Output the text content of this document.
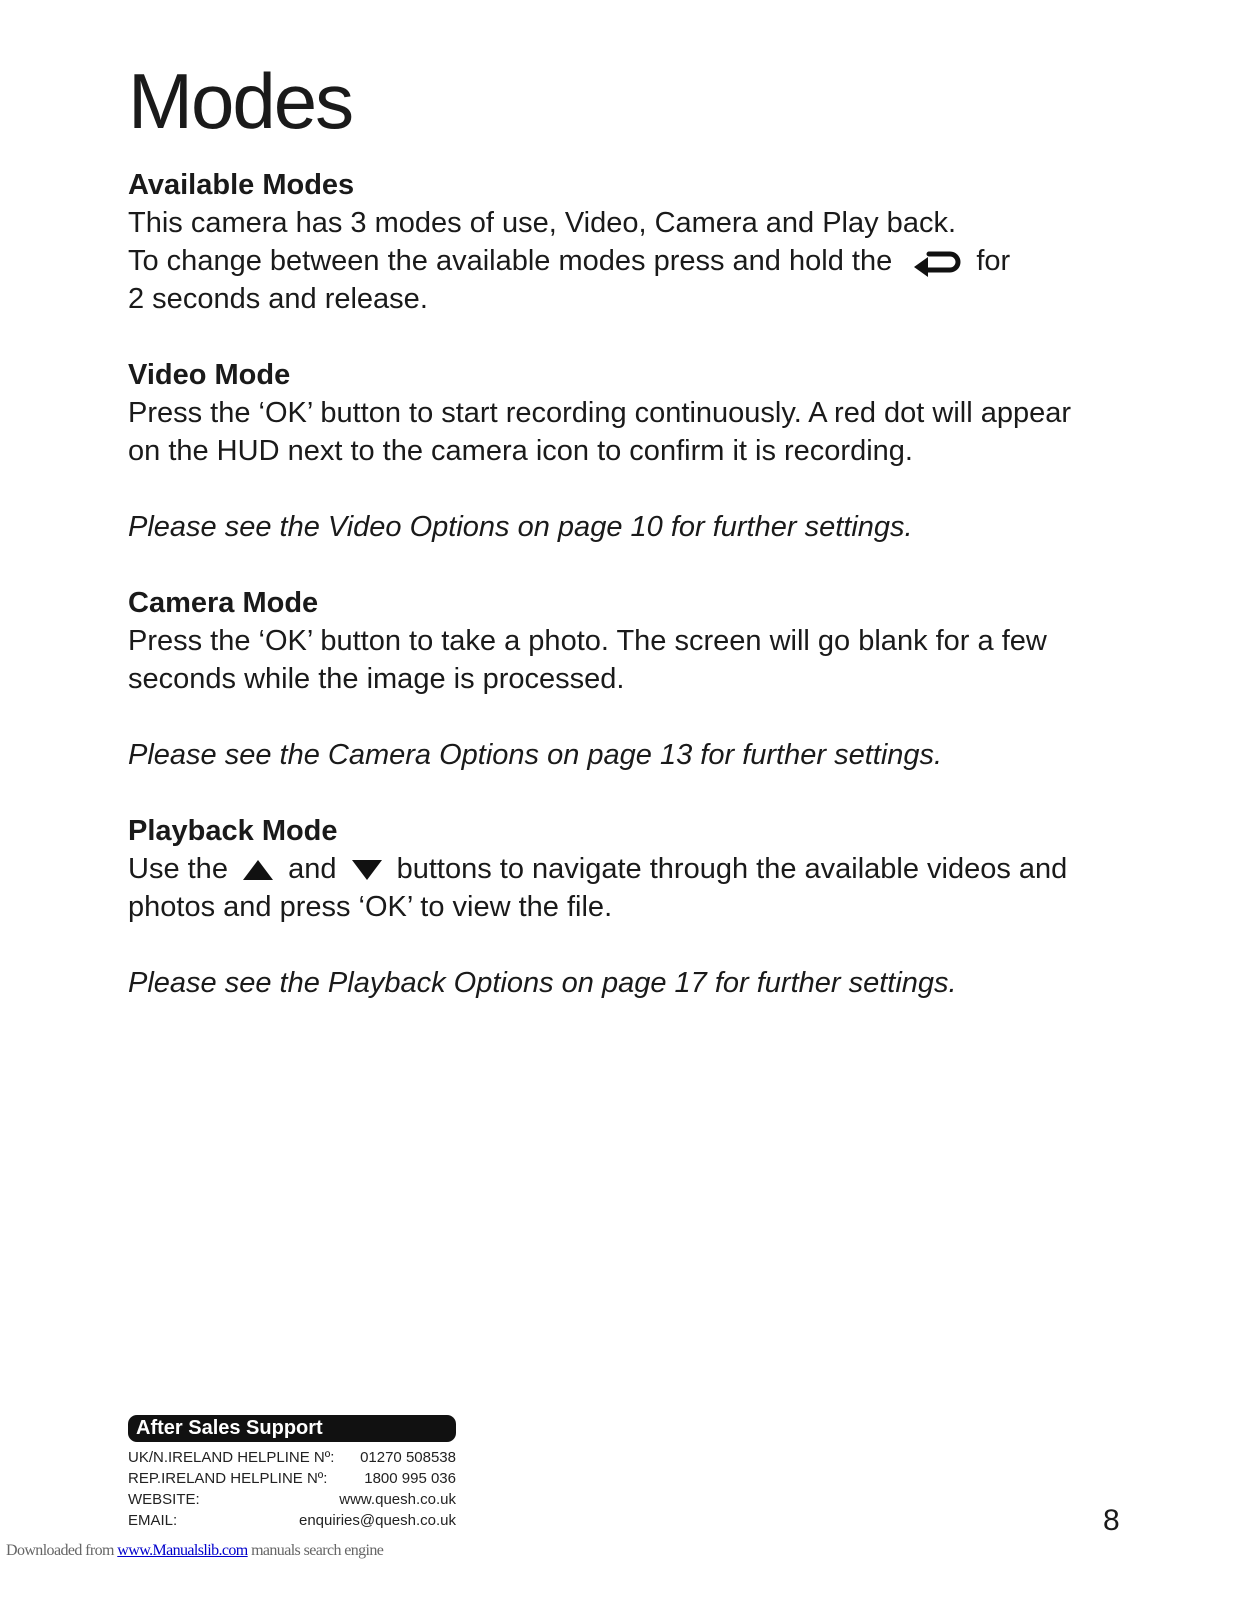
Modes
Available Modes

This camera has 3 modes of use, Video, Camera and Play back.

To change between the available modes press and hold the	for

2 seconds and release.

Video Mode

Press the ‘OK’ button to start recording continuously. A red dot will appear on the HUD next to the camera icon to confirm it is recording.

Please see the Video Options on page 10 for further settings.

Camera Mode

Press the ‘OK’ button to take a photo. The screen will go blank for a few seconds while the image is processed.

Please see the Camera Options on page 13 for further settings.

Playback Mode

Use the and buttons to navigate through the available videos and photos and press ‘OK’ to view the file.

Please see the Playback Options on page 17 for further settings.

After Sales Support
UK/N.IRELAND HELPLINE Nº: 01270 508538
REP.IRELAND HELPLINE Nº: 1800 995 036
WEBSITE:	www.quesh.co.uk
EMAIL:	enquiries@quesh.co.uk	8
Downloaded from www.Manualslib.com manuals search engine
